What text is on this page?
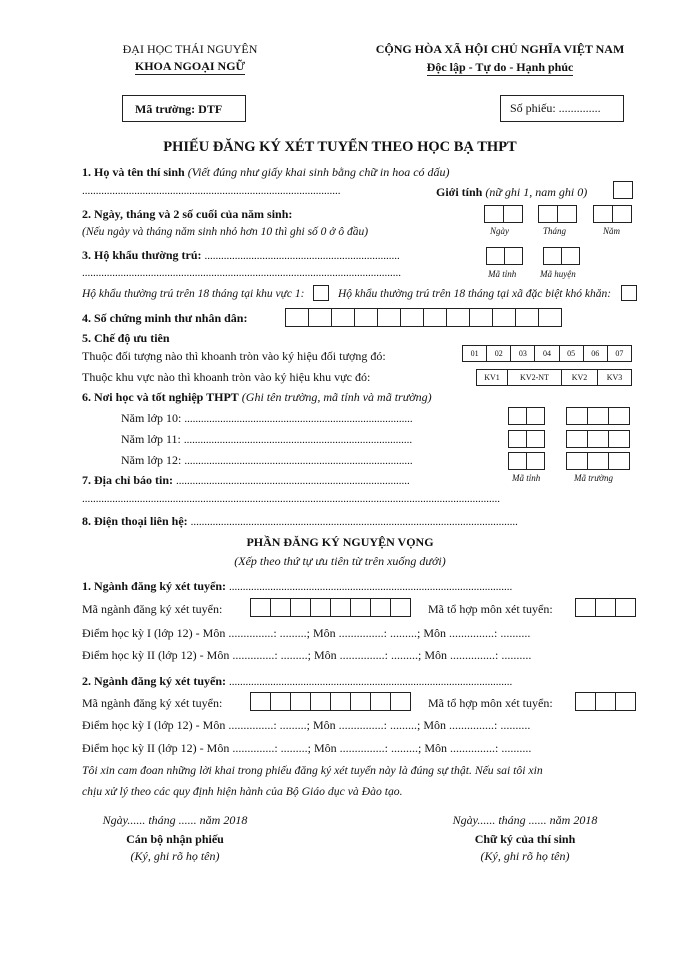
ĐẠI HỌC THÁI NGUYÊN
KHOA NGOẠI NGỮ
CỘNG HÒA XÃ HỘI CHỦ NGHĨA VIỆT NAM
Độc lập - Tự do - Hạnh phúc
Mã trường: DTF	Số phiếu: ..............
PHIẾU ĐĂNG KÝ XÉT TUYỂN THEO HỌC BẠ THPT
1. Họ và tên thí sinh (Viết đúng như giấy khai sinh bằng chữ in hoa có dấu)
..............................................................................................	Giới tính (nữ ghi 1, nam ghi 0)
2. Ngày, tháng và 2 số cuối của năm sinh:
(Nếu ngày và tháng năm sinh nhỏ hơn 10 thì ghi số 0 ở ô đầu)	Ngày	Tháng	Năm
3. Hộ khẩu thường trú: .......................................................................
....................................................................................................................	Mã tỉnh	Mã huyện
Hộ khẩu thường trú trên 18 tháng tại khu vực 1:	Hộ khẩu thường trú trên 18 tháng tại xã đặc biệt khó khăn:
4. Số chứng minh thư nhân dân:
5. Chế độ ưu tiên
Thuộc đối tượng nào thì khoanh tròn vào ký hiệu đối tượng đó:	01	02	03	04	05	06	07
Thuộc khu vực nào thì khoanh tròn vào ký hiệu khu vực đó:	KV1	KV2-NT	KV2	KV3
6. Nơi học và tốt nghiệp THPT (Ghi tên trường, mã tỉnh và mã trường)
Năm lớp 10: ...................................................................................
Năm lớp 11: ...................................................................................
Năm lớp 12: ...................................................................................
Mã tỉnh	Mã trường
7. Địa chỉ báo tin: .....................................................................................
........................................................................................................................................................
8. Điện thoại liên hệ: .......................................................................................................................
PHẦN ĐĂNG KÝ NGUYỆN VỌNG
(Xếp theo thứ tự ưu tiên từ trên xuống dưới)
1. Ngành đăng ký xét tuyển: .......................................................................................................
Mã ngành đăng ký xét tuyển:	Mã tổ hợp môn xét tuyển:
Điểm học kỳ I (lớp 12) - Môn ...............: .........; Môn ...............: .........; Môn ...............: ..........
Điểm học kỳ II (lớp 12) - Môn ..............: .........; Môn ...............: .........; Môn ...............: ..........
2. Ngành đăng ký xét tuyển: .......................................................................................................
Mã ngành đăng ký xét tuyển:	Mã tổ hợp môn xét tuyển:
Điểm học kỳ I (lớp 12) - Môn ...............: .........; Môn ...............: .........; Môn ...............: ..........
Điểm học kỳ II (lớp 12) - Môn ..............: .........; Môn ...............: .........; Môn ...............: ..........
Tôi xin cam đoan những lời khai trong phiếu đăng ký xét tuyển này là đúng sự thật. Nếu sai tôi xin
chịu xử lý theo các quy định hiện hành của Bộ Giáo dục và Đào tạo.
Ngày...... tháng ...... năm 2018	Ngày...... tháng ...... năm 2018
Cán bộ nhận phiếu
(Ký, ghi rõ họ tên)
Chữ ký của thí sinh
(Ký, ghi rõ họ tên)
